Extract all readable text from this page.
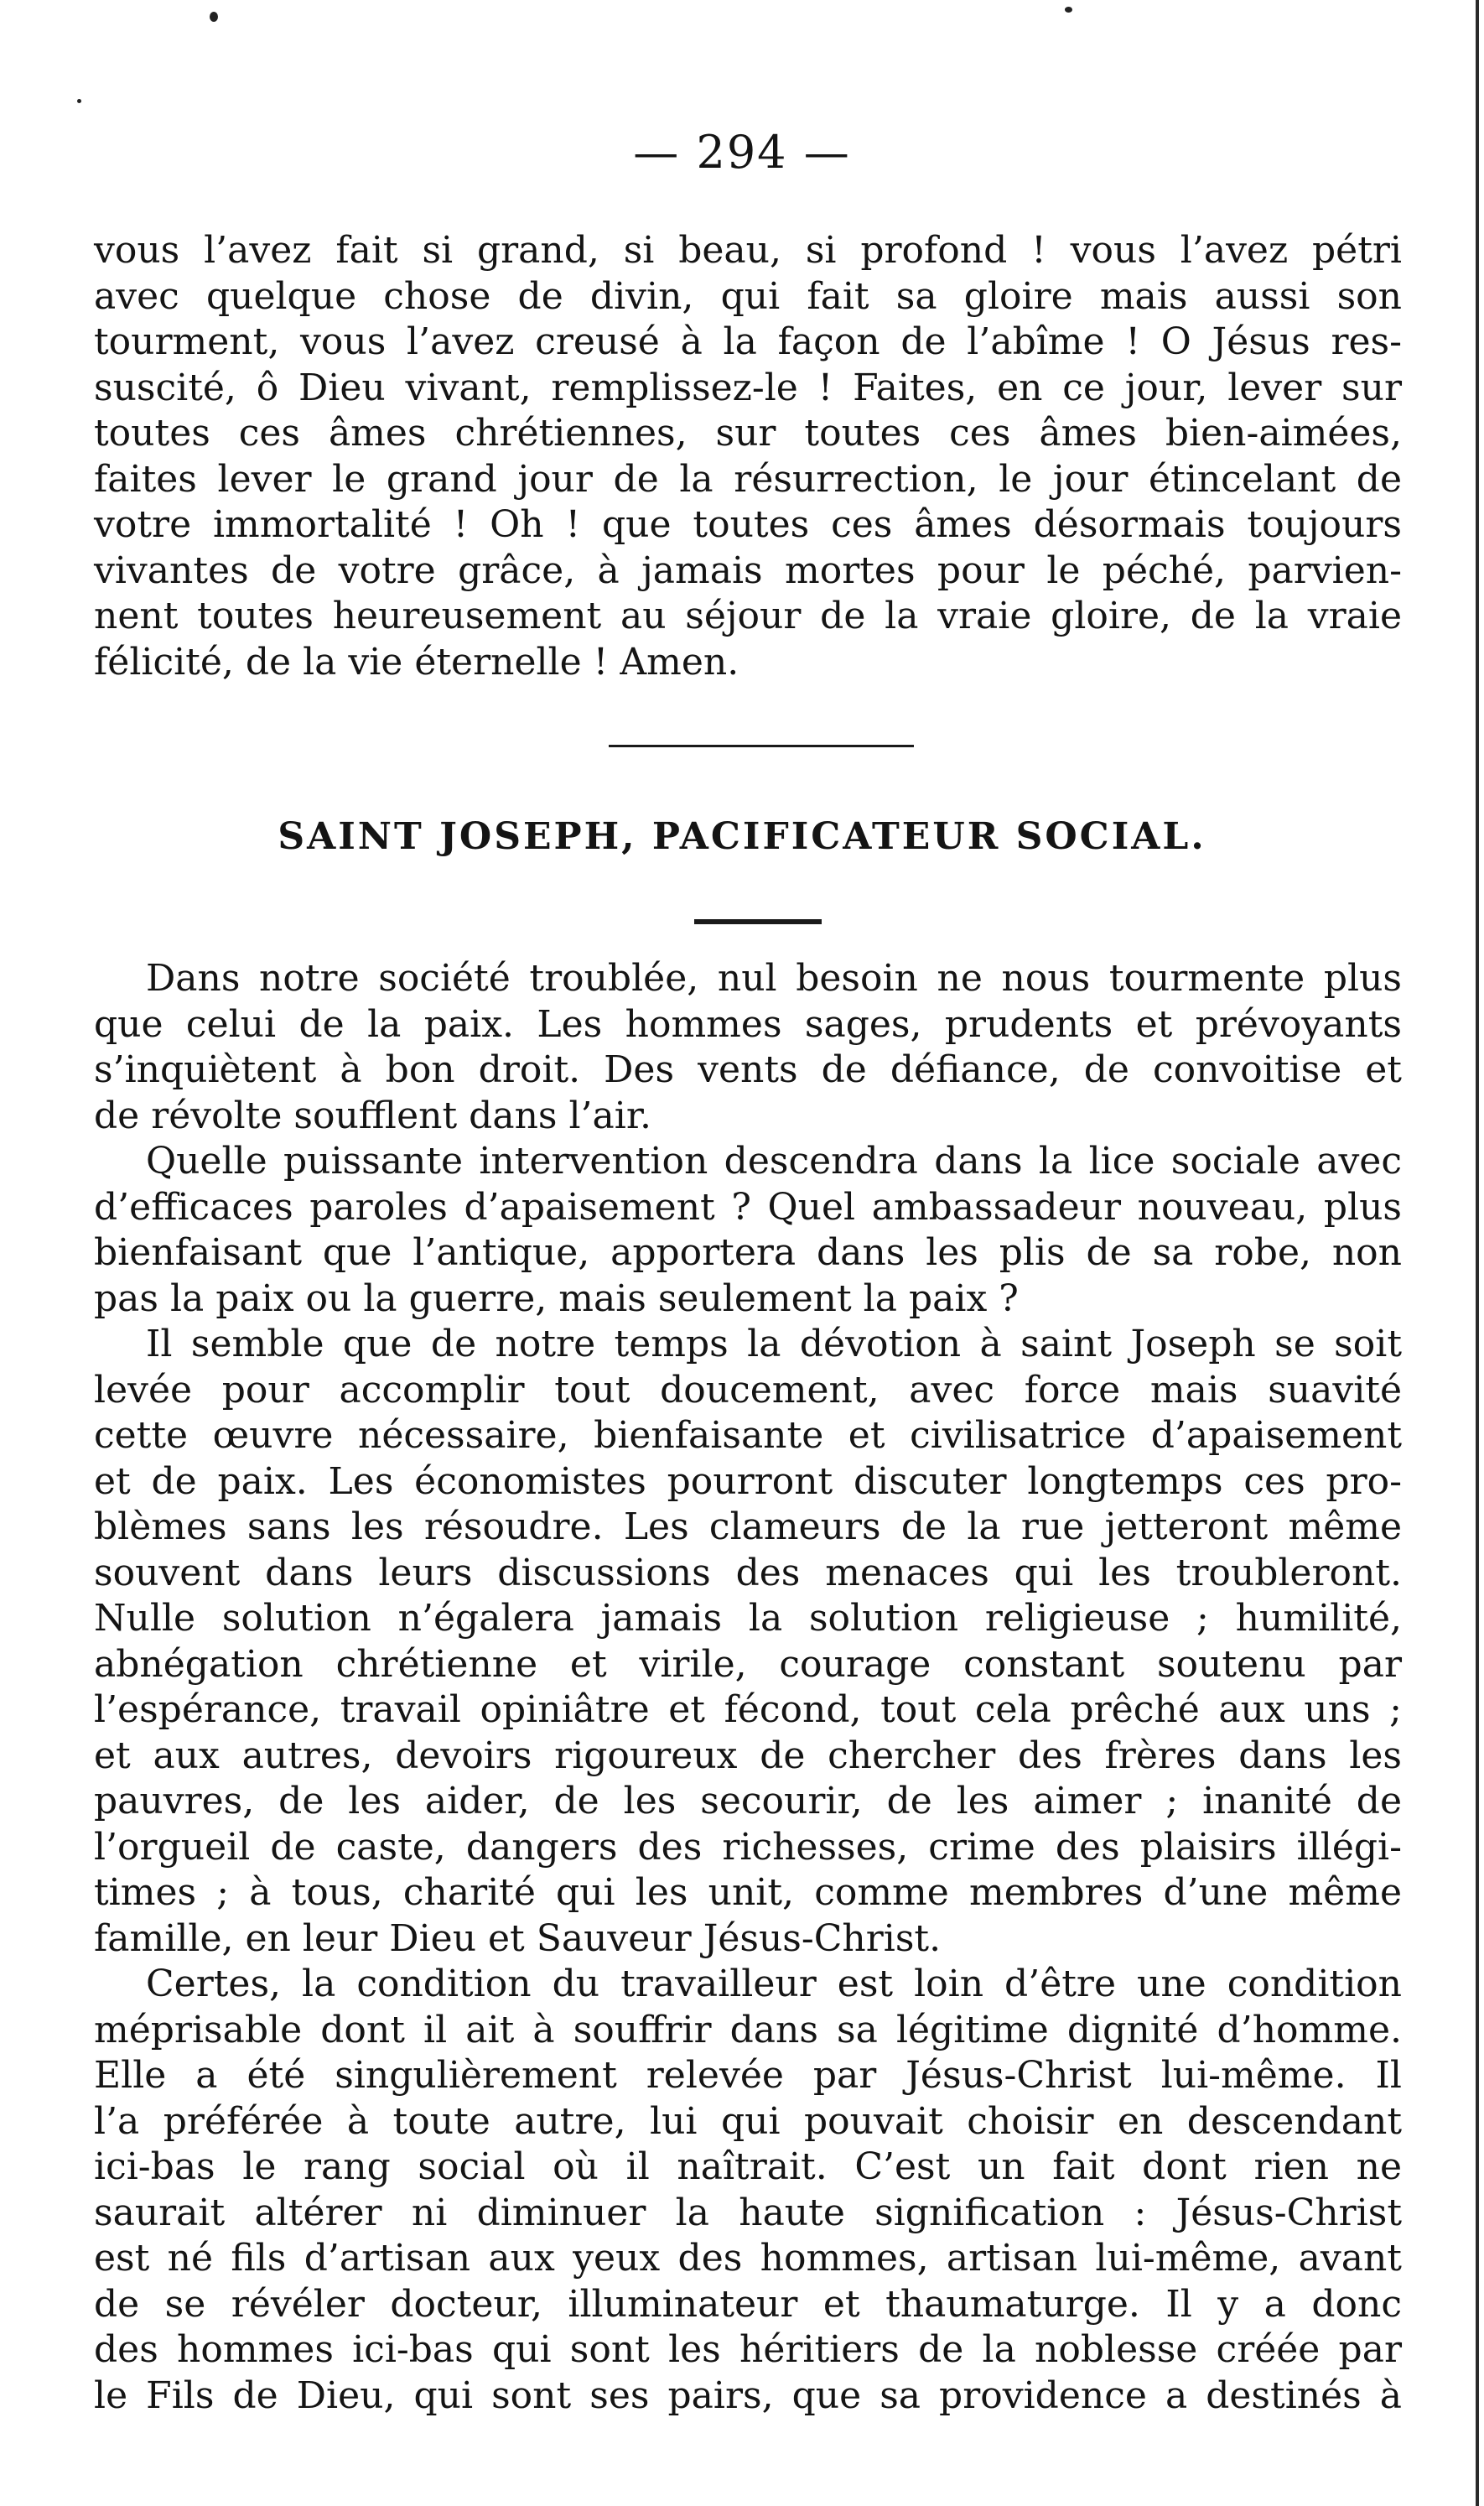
— 294 —
vous l’avez fait si grand, si beau, si profond ! vous l’avez pétri
avec quelque chose de divin, qui fait sa gloire mais aussi son
tourment, vous l’avez creusé à la façon de l’abîme ! O Jésus res-
suscité, ô Dieu vivant, remplissez-le ! Faites, en ce jour, lever sur
toutes ces âmes chrétiennes, sur toutes ces âmes bien-aimées,
faites lever le grand jour de la résurrection, le jour étincelant de
votre immortalité ! Oh ! que toutes ces âmes désormais toujours
vivantes de votre grâce, à jamais mortes pour le péché, parvien-
nent toutes heureusement au séjour de la vraie gloire, de la vraie
félicité, de la vie éternelle ! Amen.
SAINT JOSEPH, PACIFICATEUR SOCIAL.
Dans notre société troublée, nul besoin ne nous tourmente plus
que celui de la paix. Les hommes sages, prudents et prévoyants
s’inquiètent à bon droit. Des vents de défiance, de convoitise et
de révolte soufflent dans l’air.
Quelle puissante intervention descendra dans la lice sociale avec
d’efficaces paroles d’apaisement ? Quel ambassadeur nouveau, plus
bienfaisant que l’antique, apportera dans les plis de sa robe, non
pas la paix ou la guerre, mais seulement la paix ?
Il semble que de notre temps la dévotion à saint Joseph se soit
levée pour accomplir tout doucement, avec force mais suavité
cette œuvre nécessaire, bienfaisante et civilisatrice d’apaisement
et de paix. Les économistes pourront discuter longtemps ces pro-
blèmes sans les résoudre. Les clameurs de la rue jetteront même
souvent dans leurs discussions des menaces qui les troubleront.
Nulle solution n’égalera jamais la solution religieuse ; humilité,
abnégation chrétienne et virile, courage constant soutenu par
l’espérance, travail opiniâtre et fécond, tout cela prêché aux uns ;
et aux autres, devoirs rigoureux de chercher des frères dans les
pauvres, de les aider, de les secourir, de les aimer ; inanité de
l’orgueil de caste, dangers des richesses, crime des plaisirs illégi-
times ; à tous, charité qui les unit, comme membres d’une même
famille, en leur Dieu et Sauveur Jésus-Christ.
Certes, la condition du travailleur est loin d’être une condition
méprisable dont il ait à souffrir dans sa légitime dignité d’homme.
Elle a été singulièrement relevée par Jésus-Christ lui-même. Il
l’a préférée à toute autre, lui qui pouvait choisir en descendant
ici-bas le rang social où il naîtrait. C’est un fait dont rien ne
saurait altérer ni diminuer la haute signification : Jésus-Christ
est né fils d’artisan aux yeux des hommes, artisan lui-même, avant
de se révéler docteur, illuminateur et thaumaturge. Il y a donc
des hommes ici-bas qui sont les héritiers de la noblesse créée par
le Fils de Dieu, qui sont ses pairs, que sa providence a destinés à
